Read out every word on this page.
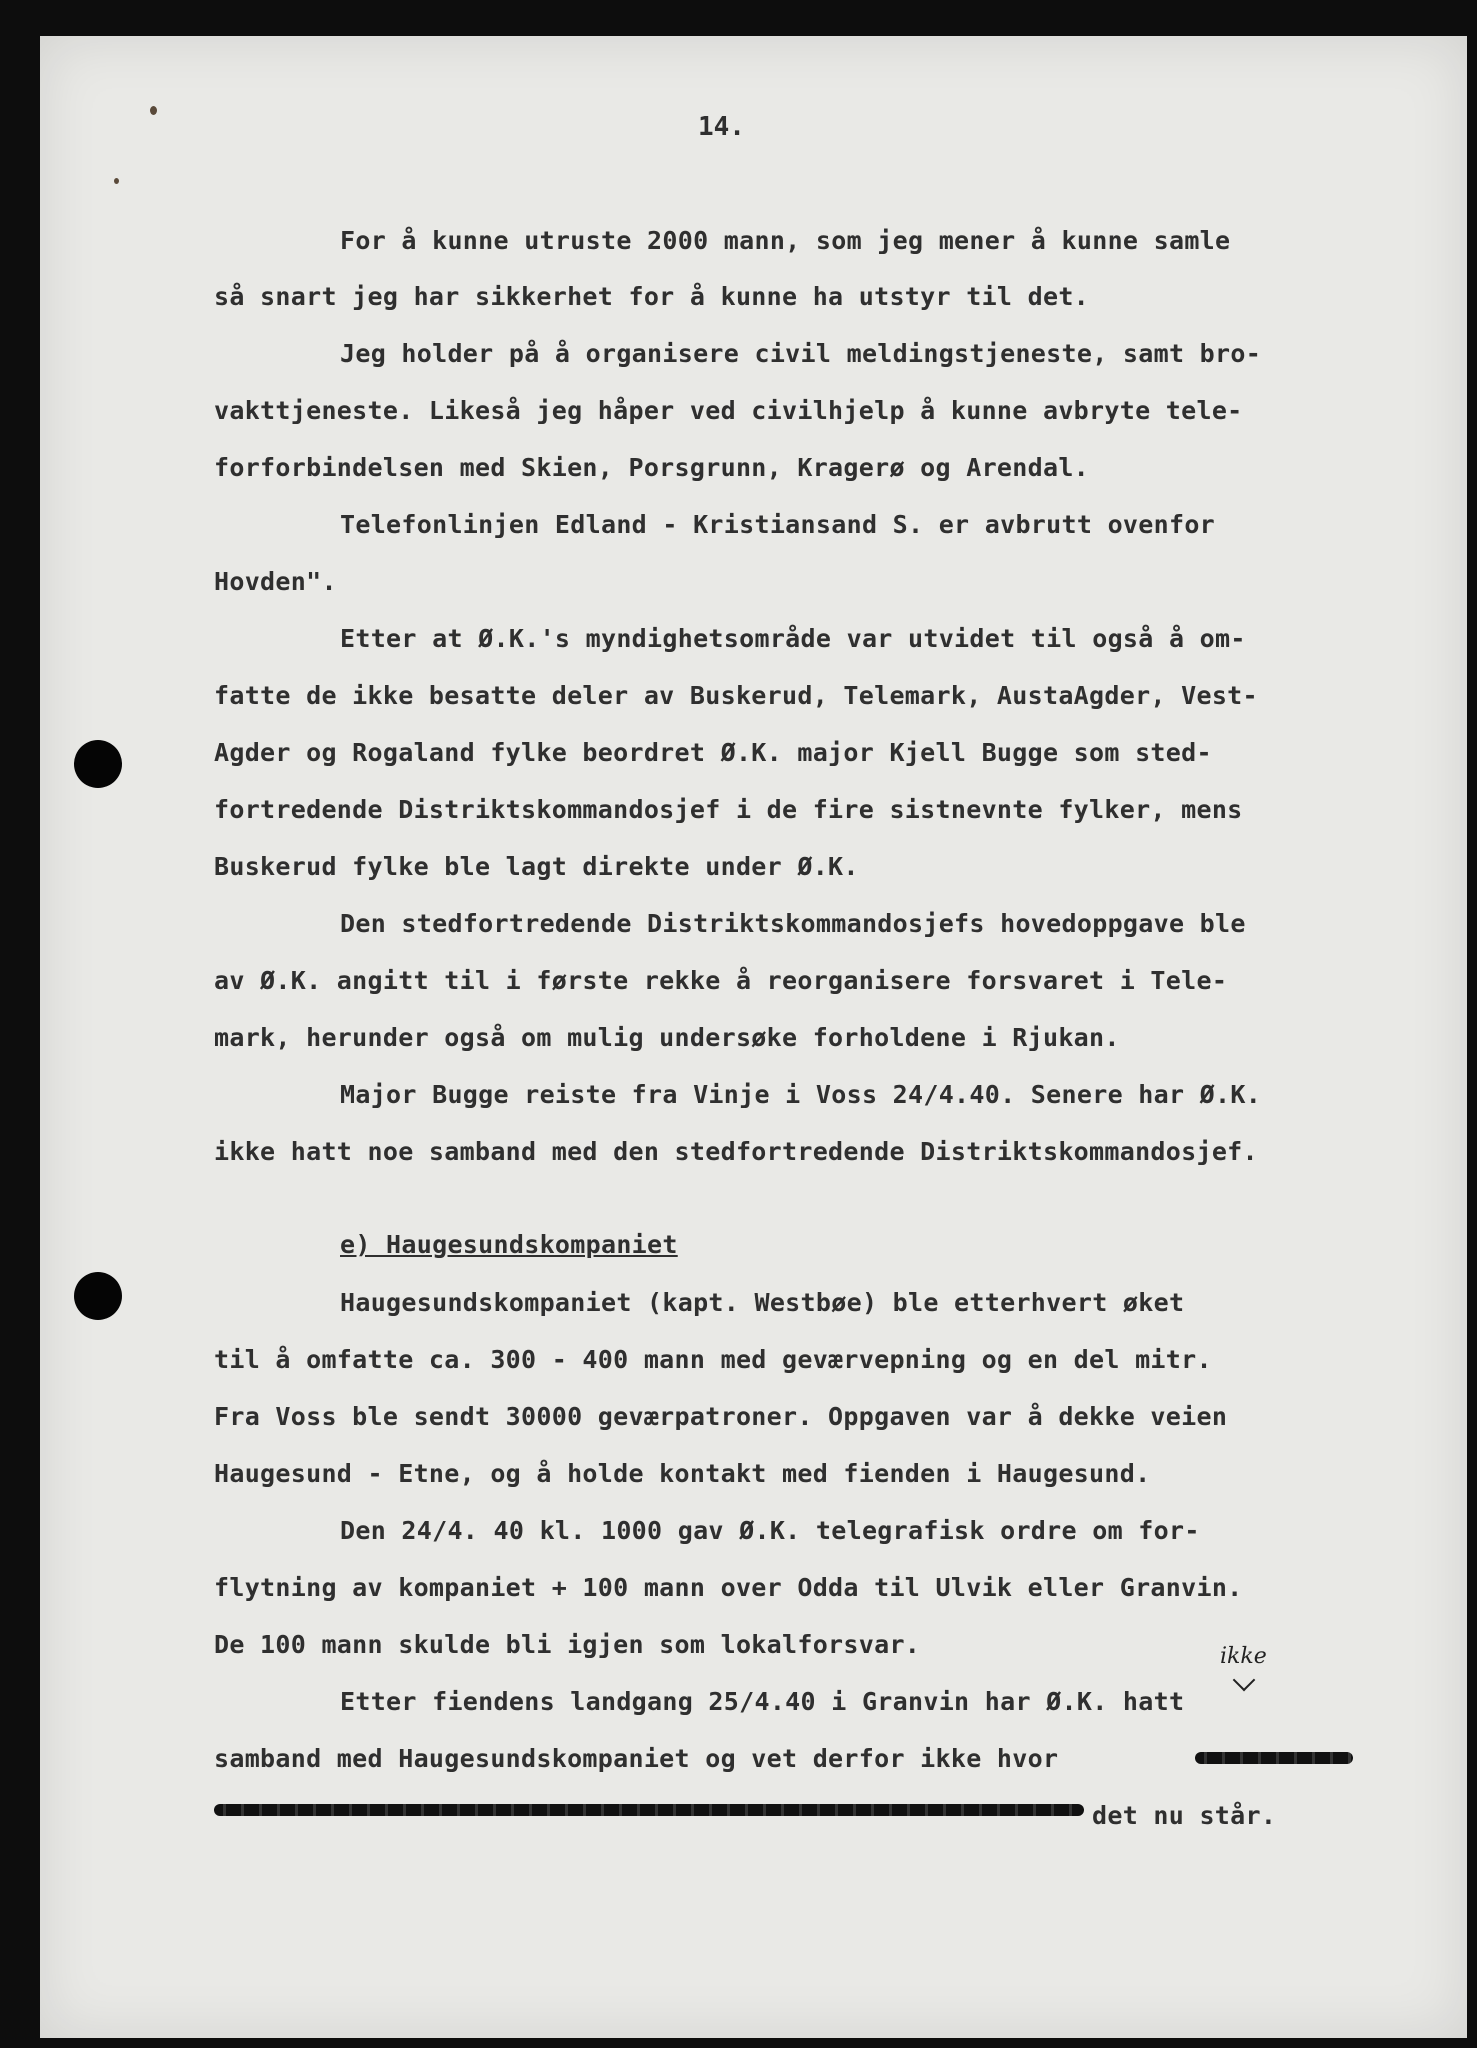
14.

For å kunne utruste 2000 mann, som jeg mener å kunne samle

så snart jeg har sikkerhet for å kunne ha utstyr til det.

Jeg holder på å organisere civil meldingstjeneste, samt bro-

vakttjeneste. Likeså jeg håper ved civilhjelp å kunne avbryte tele-

forforbindelsen med Skien, Porsgrunn, Kragerø og Arendal.

Telefonlinjen Edland - Kristiansand S. er avbrutt ovenfor

Hovden".

Etter at Ø.K.'s myndighetsområde var utvidet til også å om-

fatte de ikke besatte deler av Buskerud, Telemark, AustaAgder, Vest-

Agder og Rogaland fylke beordret Ø.K. major Kjell Bugge som sted-

fortredende Distriktskommandosjef i de fire sistnevnte fylker, mens

Buskerud fylke ble lagt direkte under Ø.K.

Den stedfortredende Distriktskommandosjefs hovedoppgave ble

av Ø.K. angitt til i første rekke å reorganisere forsvaret i Tele-

mark, herunder også om mulig undersøke forholdene i Rjukan.

Major Bugge reiste fra Vinje i Voss 24/4.40. Senere har Ø.K.

ikke hatt noe samband med den stedfortredende Distriktskommandosjef.

e) Haugesundskompaniet

Haugesundskompaniet (kapt. Westbøe) ble etterhvert øket

til å omfatte ca. 300 - 400 mann med geværvepning og en del mitr.

Fra Voss ble sendt 30000 geværpatroner. Oppgaven var å dekke veien

Haugesund - Etne, og å holde kontakt med fienden i Haugesund.

Den 24/4. 40 kl. 1000 gav Ø.K. telegrafisk ordre om for-

flytning av kompaniet + 100 mann over Odda til Ulvik eller Granvin.

De 100 mann skulde bli igjen som lokalforsvar.

Etter fiendens landgang 25/4.40 i Granvin har Ø.K. hatt

samband med Haugesundskompaniet og vet derfor ikke hvor

det nu står.

ikke
